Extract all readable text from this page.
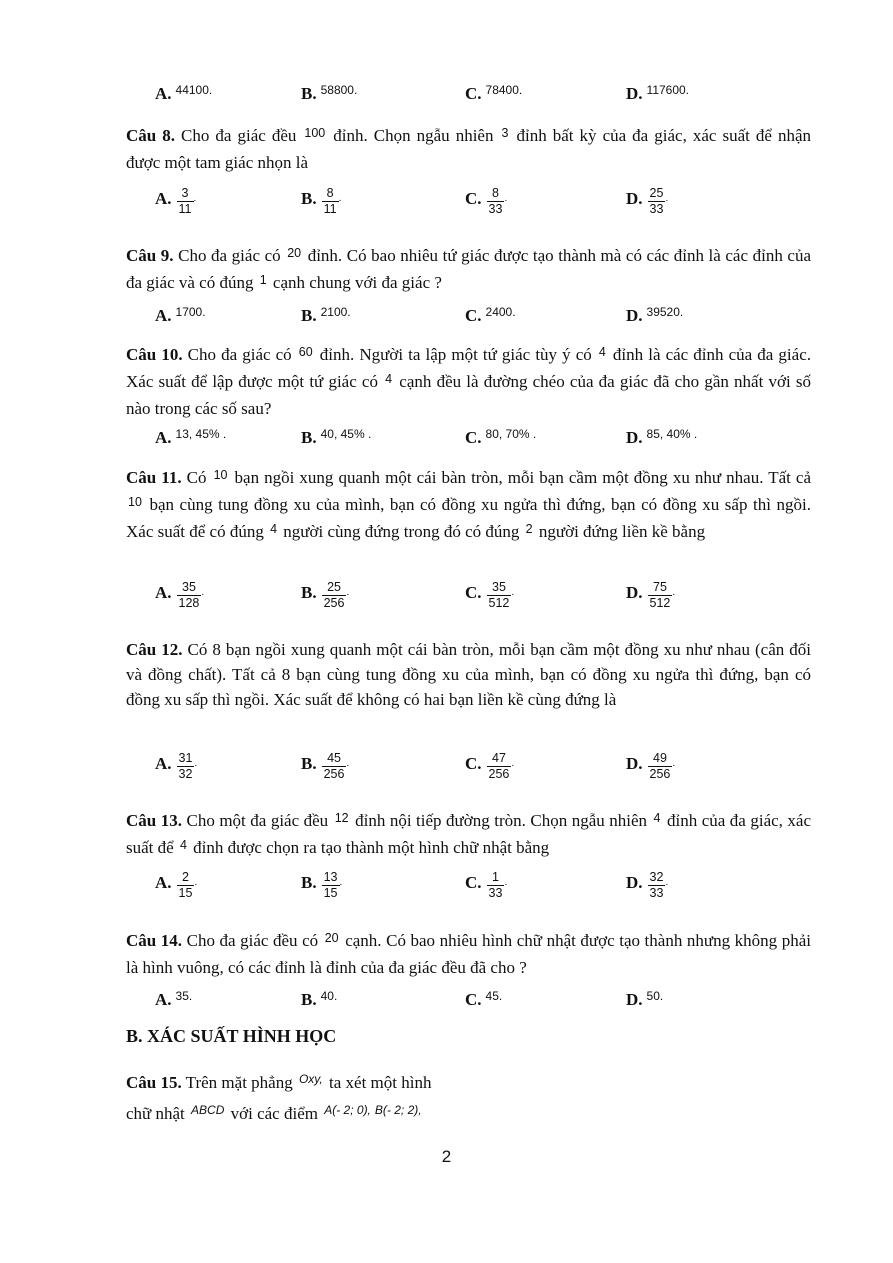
A. $^{44100.}$	B. $^{58800.}$	C. $^{78400.}$	D. $^{117600.}$
Câu 8. Cho đa giác đều $^{100}$ đỉnh. Chọn ngẫu nhiên $^3$ đỉnh bất kỳ của đa giác, xác suất để nhận được một tam giác nhọn là
A. $\frac{3}{11}$ .	B. $\frac{8}{11}$ .	C. $\frac{8}{33}$ .	D. $\frac{25}{33}$ .
Câu 9. Cho đa giác có $^{20}$ đỉnh. Có bao nhiêu tứ giác được tạo thành mà có các đỉnh là các đỉnh của đa giác và có đúng $^1$ cạnh chung với đa giác ?
A. $^{1700.}$	B. $^{2100.}$	C. $^{2400.}$	D. $^{39520.}$
Câu 10. Cho đa giác có $^{60}$ đỉnh. Người ta lập một tứ giác tùy ý có $^4$ đỉnh là các đỉnh của đa giác. Xác suất để lập được một tứ giác có $^4$ cạnh đều là đường chéo của đa giác đã cho gần nhất với số nào trong các số sau?
A. $^{13, 45\% .}$	B. $^{40, 45\% .}$	C. $^{80, 70\% .}$	D. $^{85, 40\% .}$
Câu 11. Có $^{10}$ bạn ngồi xung quanh một cái bàn tròn, mỗi bạn cầm một đồng xu như nhau. Tất cả $^{10}$ bạn cùng tung đồng xu của mình, bạn có đồng xu ngửa thì đứng, bạn có đồng xu sấp thì ngồi. Xác suất để có đúng $^4$ người cùng đứng trong đó có đúng $^2$ người đứng liền kề bằng
A. $\frac{35}{128}$ .	B. $\frac{25}{256}$ .	C. $\frac{35}{512}$ .	D. $\frac{75}{512}$ .
Câu 12. Có 8 bạn ngồi xung quanh một cái bàn tròn, mỗi bạn cầm một đồng xu như nhau (cân đối và đồng chất). Tất cả 8 bạn cùng tung đồng xu của mình, bạn có đồng xu ngửa thì đứng, bạn có đồng xu sấp thì ngồi. Xác suất để không có hai bạn liền kề cùng đứng là
A. $\frac{31}{32}$ .	B. $\frac{45}{256}$ .	C. $\frac{47}{256}$ .	D. $\frac{49}{256}$ .
Câu 13. Cho một đa giác đều $^{12}$ đỉnh nội tiếp đường tròn. Chọn ngẫu nhiên $^4$ đỉnh của đa giác, xác suất để $^4$ đỉnh được chọn ra tạo thành một hình chữ nhật bằng
A. $\frac{2}{15}$ .	B. $\frac{13}{15}$ .	C. $\frac{1}{33}$ .	D. $\frac{32}{33}$ .
Câu 14. Cho đa giác đều có $^{20}$ cạnh. Có bao nhiêu hình chữ nhật được tạo thành nhưng không phải là hình vuông, có các đỉnh là đỉnh của đa giác đều đã cho ?
A. $^{35.}$	B. $^{40.}$	C. $^{45.}$	D. $^{50.}$
B. XÁC SUẤT HÌNH HỌC
Câu 15. Trên mặt phẳng $^{Oxy,}$ ta xét một hình
chữ nhật $^{ABCD}$ với các điểm $^{A(- 2; 0),}$ $^{B(- 2; 2),}$
2
